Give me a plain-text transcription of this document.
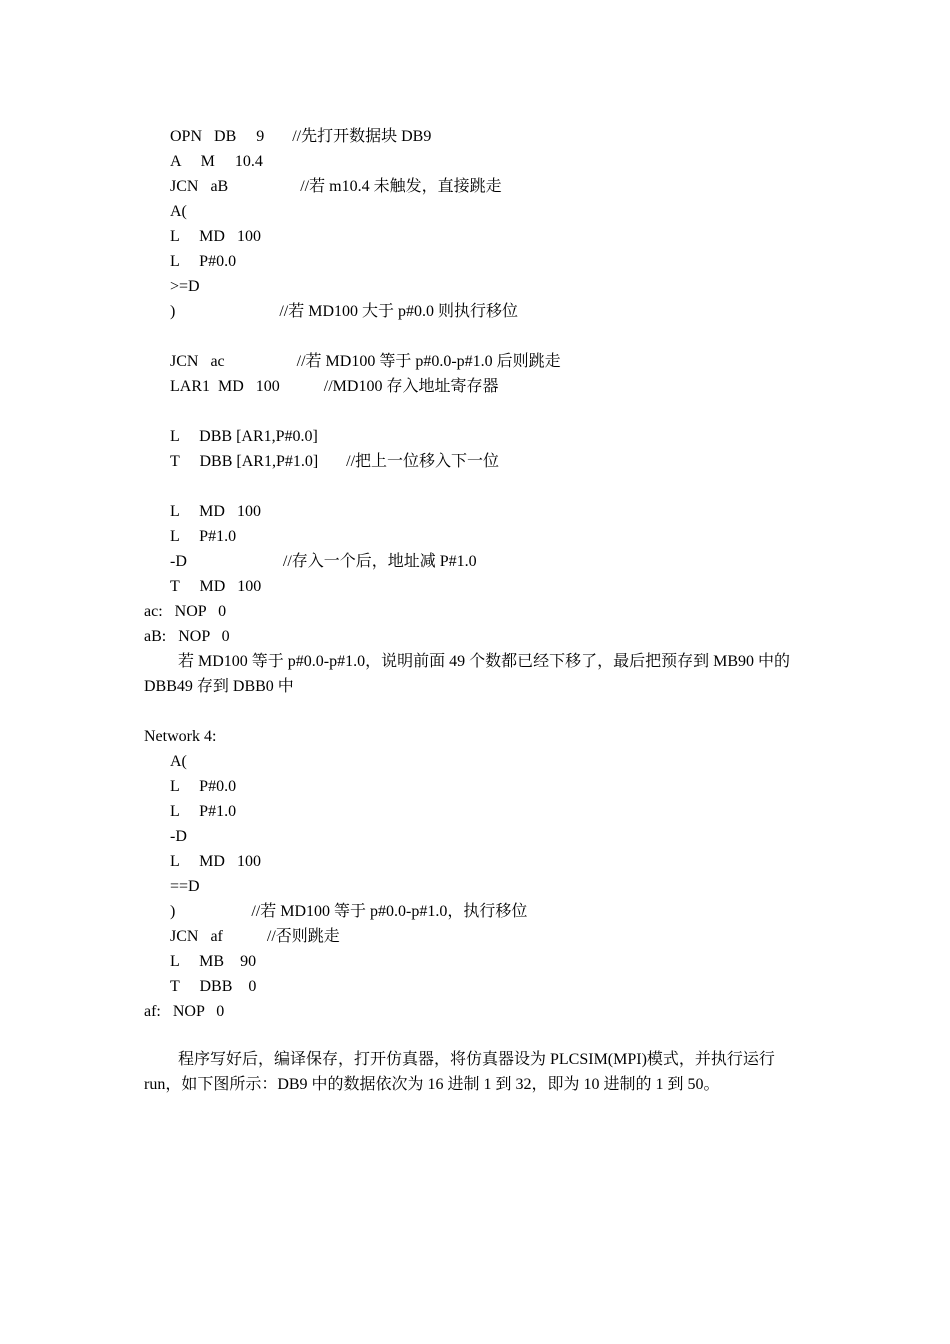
OPN   DB     9       //先打开数据块 DB9
A     M     10.4
JCN   aB                  //若 m10.4 未触发，直接跳走
A(
L     MD   100
L     P#0.0
>=D
)                          //若 MD100 大于 p#0.0 则执行移位
JCN   ac                  //若 MD100 等于 p#0.0-p#1.0 后则跳走
LAR1  MD   100           //MD100 存入地址寄存器
L     DBB [AR1,P#0.0]
T     DBB [AR1,P#1.0]       //把上一位移入下一位
L     MD   100
L     P#1.0
-D                        //存入一个后，地址减 P#1.0
T     MD   100
ac:   NOP   0
aB:   NOP   0
若 MD100 等于 p#0.0-p#1.0，说明前面 49 个数都已经下移了，最后把预存到 MB90 中的
DBB49 存到 DBB0 中
Network 4:
A(
L     P#0.0
L     P#1.0
-D
L     MD   100
==D
)                   //若 MD100 等于 p#0.0-p#1.0，执行移位
JCN   af           //否则跳走
L     MB    90
T     DBB    0
af:   NOP   0
程序写好后，编译保存，打开仿真器，将仿真器设为 PLCSIM(MPI)模式，并执行运行
run，如下图所示：DB9 中的数据依次为 16 进制 1 到 32，即为 10 进制的 1 到 50。
